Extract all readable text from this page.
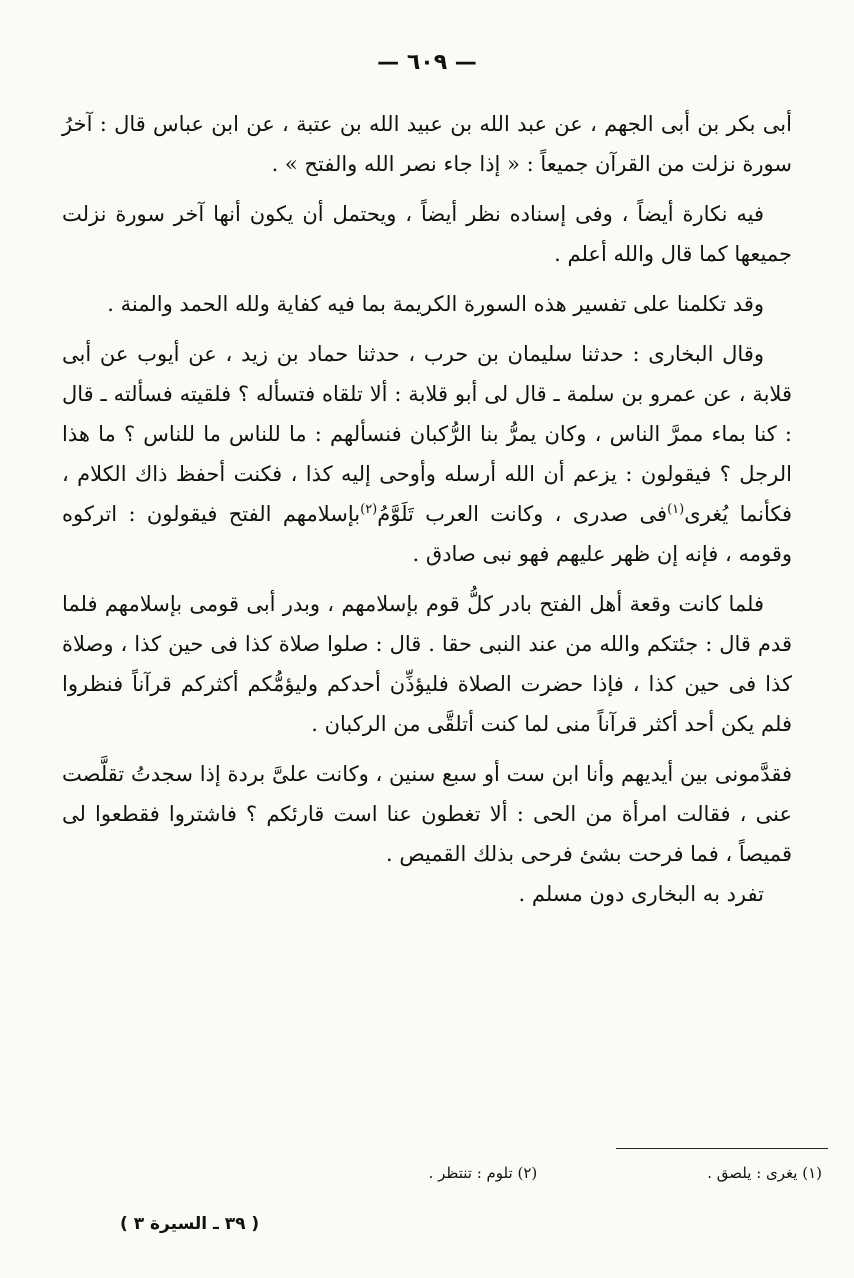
— ٦٠٩ —

أبى بكر بن أبى الجهم ، عن عبد الله بن عبيد الله بن عتبة ، عن ابن عباس قال : آخرُ سورة نزلت من القرآن جميعاً : « إذا جاء نصر الله والفتح » .

فيه نكارة أيضاً ، وفى إسناده نظر أيضاً ، ويحتمل أن يكون أنها آخر سورة نزلت جميعها كما قال والله أعلم .

وقد تكلمنا على تفسير هذه السورة الكريمة بما فيه كفاية ولله الحمد والمنة .

وقال البخارى : حدثنا سليمان بن حرب ، حدثنا حماد بن زيد ، عن أيوب عن أبى قلابة ، عن عمرو بن سلمة ـ قال لى أبو قلابة : ألا تلقاه فتسأله ؟ فلقيته فسألته ـ قال : كنا بماء ممرَّ الناس ، وكان يمرُّ بنا الرُّكبان فنسألهم : ما للناس ما للناس ؟ ما هذا الرجل ؟ فيقولون : يزعم أن الله أرسله وأوحى إليه كذا ، فكنت أحفظ ذاك الكلام ، فكأنما يُغرى$^{(١)}$فى صدرى ، وكانت العرب تَلَوَّمُ$^{(٢)}$بإسلامهم الفتح فيقولون : اتركوه وقومه ، فإنه إن ظهر عليهم فهو نبى صادق .

فلما كانت وقعة أهل الفتح بادر كلُّ قوم بإسلامهم ، وبدر أبى قومى بإسلامهم فلما قدم قال : جئتكم والله من عند النبى حقا . قال : صلوا صلاة كذا فى حين كذا ، وصلاة كذا فى حين كذا ، فإذا حضرت الصلاة فليؤذِّن أحدكم وليؤمُّكم أكثركم قرآناً فنظروا فلم يكن أحد أكثر قرآناً منى لما كنت أتلقَّى من الركبان .

فقدَّمونى بين أيديهم وأنا ابن ست أو سبع سنين ، وكانت علىَّ بردة إذا سجدتُ تقلَّصت عنى ، فقالت امرأة من الحى : ألا تغطون عنا است قارئكم ؟ فاشتروا فقطعوا لى قميصاً ، فما فرحت بشئ فرحى بذلك القميص .

تفرد به البخارى دون مسلم .

(١) يغرى : يلصق .
(٢) تلوم : تنتظر .
( ٣٩ ـ السيرة ٣ )
